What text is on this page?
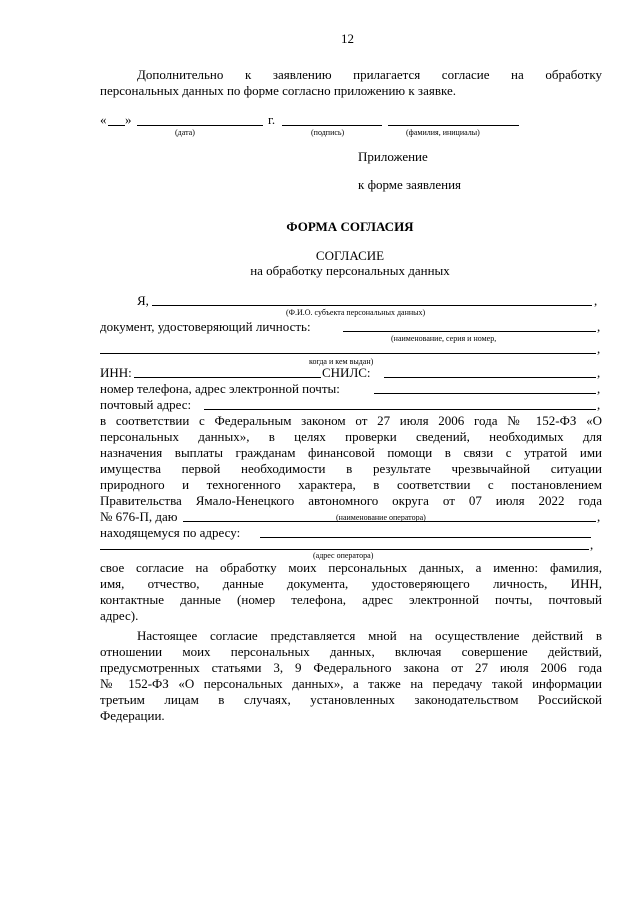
12
Дополнительно к заявлению прилагается согласие на обработку
персональных данных по форме согласно приложению к заявке.
« »	г.
(дата)	(подпись)	(фамилия, инициалы)
Приложение
к форме заявления
ФОРМА СОГЛАСИЯ
СОГЛАСИЕ
на обработку персональных данных
Я,	,
(Ф.И.О. субъекта персональных данных)
документ, удостоверяющий личность:	,
(наименование, серия и номер,
,
когда и кем выдан)
ИНН:	СНИЛС:	,
номер телефона, адрес электронной почты:	,
почтовый адрес:	,
в соответствии с Федеральным законом от 27 июля 2006 года № 152-ФЗ «О
персональных данных», в целях проверки сведений, необходимых для
назначения выплаты гражданам финансовой помощи в связи с утратой ими
имущества первой необходимости в результате чрезвычайной ситуации
природного и техногенного характера, в соответствии с постановлением
Правительства Ямало-Ненецкого автономного округа от 07 июля 2022 года
№ 676-П, даю	,
(наименование оператора)
находящемуся по адресу:
,
(адрес оператора)
свое согласие на обработку моих персональных данных, а именно: фамилия,
имя, отчество, данные документа, удостоверяющего личность, ИНН,
контактные данные (номер телефона, адрес электронной почты, почтовый
адрес).
Настоящее согласие представляется мной на осуществление действий в
отношении моих персональных данных, включая совершение действий,
предусмотренных статьями 3, 9 Федерального закона от 27 июля 2006 года
№ 152-ФЗ «О персональных данных», а также на передачу такой информации
третьим лицам в случаях, установленных законодательством Российской
Федерации.
